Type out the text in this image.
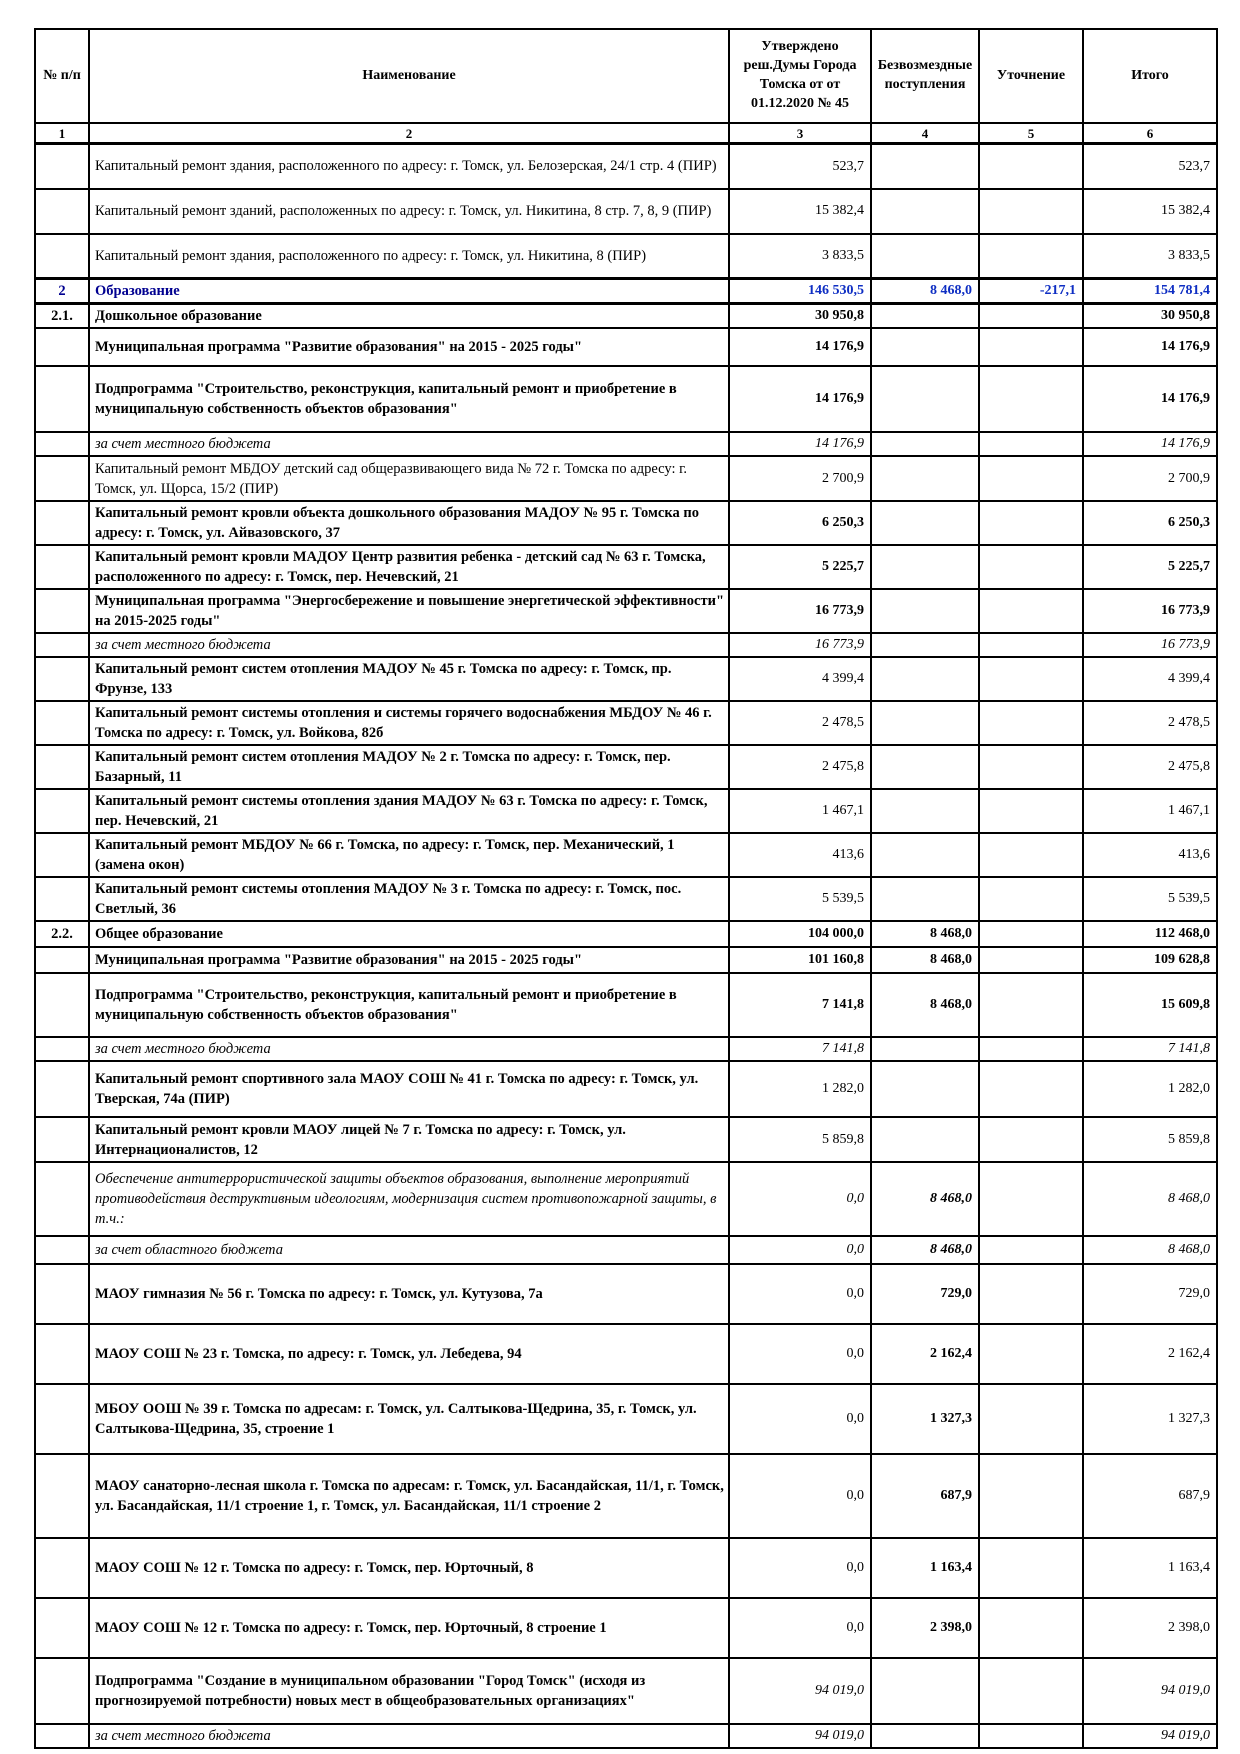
№ п/п	Наименование	Утверждено реш.Думы Города Томска от от 01.12.2020 № 45	Безвозмездные поступления	Уточнение	Итого
1	2	3	4	5	6
	Капитальный ремонт здания, расположенного по адресу: г. Томск, ул. Белозерская, 24/1 стр. 4 (ПИР)	523,7			523,7
	Капитальный ремонт зданий, расположенных по адресу: г. Томск, ул. Никитина, 8 стр. 7, 8, 9 (ПИР)	15 382,4			15 382,4
	Капитальный ремонт здания, расположенного по адресу: г. Томск, ул. Никитина, 8 (ПИР)	3 833,5			3 833,5
2	Образование	146 530,5	8 468,0	-217,1	154 781,4
2.1.	Дошкольное образование	30 950,8			30 950,8
	Муниципальная программа "Развитие образования" на 2015 - 2025 годы"	14 176,9			14 176,9
	Подпрограмма "Строительство, реконструкция, капитальный ремонт и приобретение в муниципальную собственность объектов образования"	14 176,9			14 176,9
	за счет местного бюджета	14 176,9			14 176,9
	Капитальный ремонт МБДОУ детский сад общеразвивающего вида № 72 г. Томска по адресу: г. Томск, ул. Щорса, 15/2 (ПИР)	2 700,9			2 700,9
	Капитальный ремонт кровли объекта дошкольного образования МАДОУ № 95 г. Томска по адресу: г. Томск, ул. Айвазовского, 37	6 250,3			6 250,3
	Капитальный ремонт кровли МАДОУ Центр развития ребенка - детский сад № 63 г. Томска, расположенного по адресу: г. Томск, пер. Нечевский, 21	5 225,7			5 225,7
	Муниципальная программа "Энергосбережение и повышение энергетической эффективности" на 2015-2025 годы"	16 773,9			16 773,9
	за счет местного бюджета	16 773,9			16 773,9
	Капитальный ремонт систем отопления МАДОУ № 45 г. Томска по адресу: г. Томск, пр. Фрунзе, 133	4 399,4			4 399,4
	Капитальный ремонт системы отопления и системы горячего водоснабжения МБДОУ № 46 г. Томска по адресу: г. Томск, ул. Войкова, 82б	2 478,5			2 478,5
	Капитальный ремонт систем отопления МАДОУ № 2 г. Томска по адресу: г. Томск, пер. Базарный, 11	2 475,8			2 475,8
	Капитальный ремонт системы отопления здания МАДОУ № 63 г. Томска по адресу: г. Томск, пер. Нечевский, 21	1 467,1			1 467,1
	Капитальный ремонт МБДОУ № 66 г. Томска, по адресу: г. Томск, пер. Механический, 1 (замена окон)	413,6			413,6
	Капитальный ремонт системы отопления МАДОУ № 3 г. Томска по адресу: г. Томск, пос. Светлый, 36	5 539,5			5 539,5
2.2.	Общее образование	104 000,0	8 468,0		112 468,0
	Муниципальная программа "Развитие образования" на 2015 - 2025 годы"	101 160,8	8 468,0		109 628,8
	Подпрограмма "Строительство, реконструкция, капитальный ремонт и приобретение в муниципальную собственность объектов образования"	7 141,8	8 468,0		15 609,8
	за счет местного бюджета	7 141,8			7 141,8
	Капитальный ремонт спортивного зала МАОУ СОШ № 41 г. Томска по адресу: г. Томск, ул. Тверская, 74а (ПИР)	1 282,0			1 282,0
	Капитальный ремонт кровли МАОУ лицей № 7 г. Томска по адресу: г. Томск, ул. Интернационалистов, 12	5 859,8			5 859,8
	Обеспечение антитеррористической защиты объектов образования, выполнение мероприятий противодействия деструктивным идеологиям, модернизация систем противопожарной защиты, в т.ч.:	0,0	8 468,0		8 468,0
	за счет областного бюджета	0,0	8 468,0		8 468,0
	МАОУ гимназия № 56 г. Томска по адресу: г. Томск, ул. Кутузова, 7а	0,0	729,0		729,0
	МАОУ СОШ № 23 г. Томска, по адресу: г. Томск, ул. Лебедева, 94	0,0	2 162,4		2 162,4
	МБОУ ООШ № 39 г. Томска по адресам: г. Томск, ул. Салтыкова-Щедрина, 35, г. Томск, ул. Салтыкова-Щедрина, 35, строение 1	0,0	1 327,3		1 327,3
	МАОУ санаторно-лесная школа г. Томска по адресам: г. Томск, ул. Басандайская, 11/1, г. Томск, ул. Басандайская, 11/1 строение 1, г. Томск, ул. Басандайская, 11/1 строение 2	0,0	687,9		687,9
	МАОУ СОШ № 12 г. Томска по адресу: г. Томск, пер. Юрточный, 8	0,0	1 163,4		1 163,4
	МАОУ СОШ № 12 г. Томска по адресу: г. Томск, пер. Юрточный, 8 строение 1	0,0	2 398,0		2 398,0
	Подпрограмма "Создание в муниципальном образовании "Город Томск" (исходя из прогнозируемой потребности) новых мест в общеобразовательных организациях"	94 019,0			94 019,0
	за счет местного бюджета	94 019,0			94 019,0
